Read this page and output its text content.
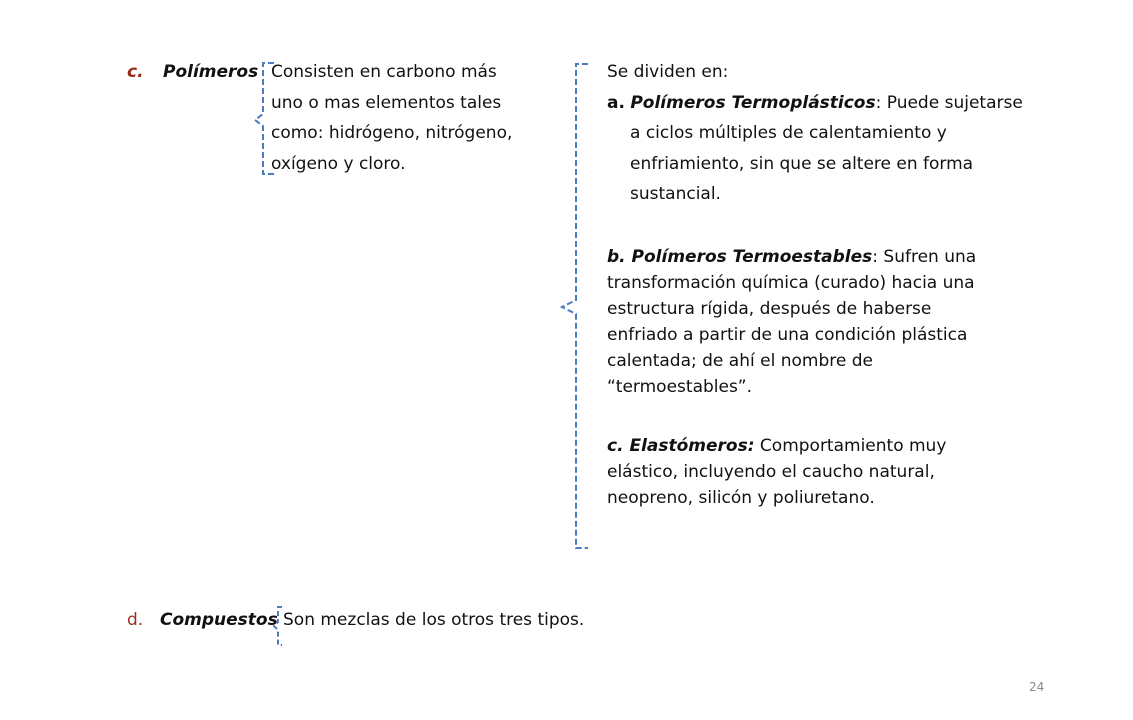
c. Polímeros Consisten en carbono más
uno o mas elementos tales
como: hidrógeno, nitrógeno,
oxígeno y cloro.
Se dividen en:
a. Polímeros Termoplásticos: Puede sujetarse
a ciclos múltiples de calentamiento y
enfriamiento, sin que se altere en forma
sustancial.
b. Polímeros Termoestables: Sufren una
transformación química (curado) hacia una
estructura rígida, después de haberse
enfriado a partir de una condición plástica
calentada; de ahí el nombre de
“termoestables”.
c. Elastómeros: Comportamiento muy
elástico, incluyendo el caucho natural,
neopreno, silicón y poliuretano.
d. Compuestos Son mezclas de los otros tres tipos.
24
